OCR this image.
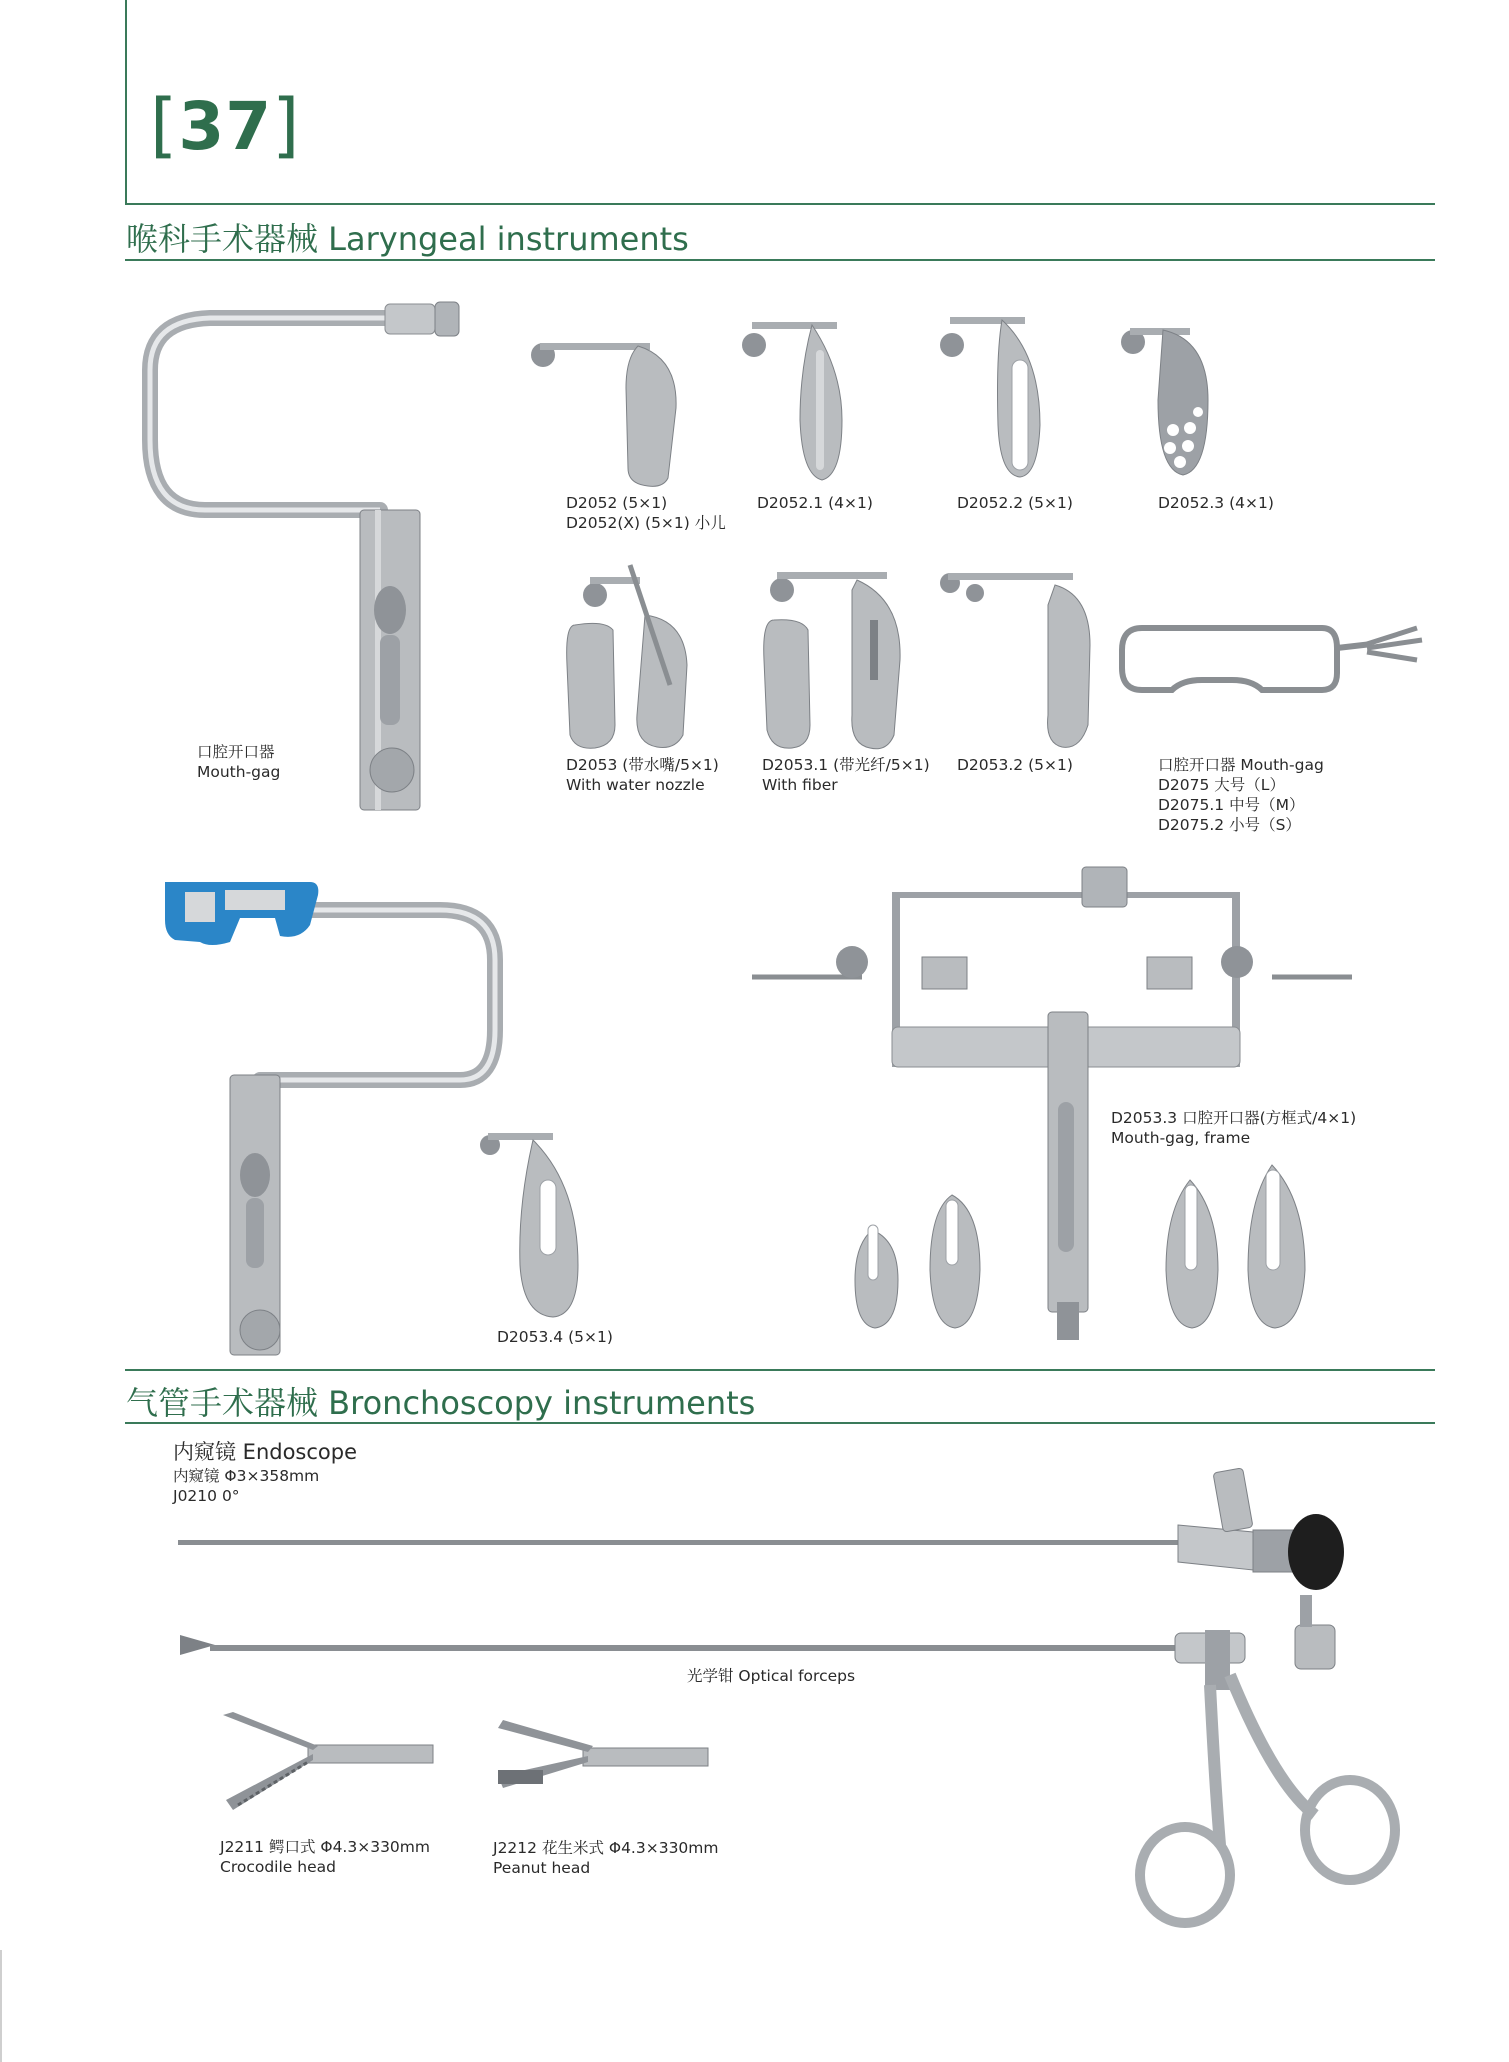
[37]
喉科手术器械 Laryngeal instruments
口腔开口器
Mouth-gag
D2052 (5×1)
D2052(X) (5×1) 小儿
D2052.1 (4×1)	D2052.2 (5×1)	D2052.3 (4×1)
D2053 (带水嘴/5×1)
With water nozzle
D2053.1 (带光纤/5×1)
With fiber
D2053.2 (5×1)	口腔开口器 Mouth-gag
D2075 大号（L）
D2075.1 中号（M）
D2075.2 小号（S）
D2053.4 (5×1)
D2053.3 口腔开口器(方框式/4×1)
Mouth-gag, frame
气管手术器械 Bronchoscopy instruments
内窥镜 Endoscope
内窥镜 Φ3×358mm
J0210 0°
光学钳 Optical forceps
J2211 鳄口式 Φ4.3×330mm
Crocodile head
J2212 花生米式 Φ4.3×330mm
Peanut head
